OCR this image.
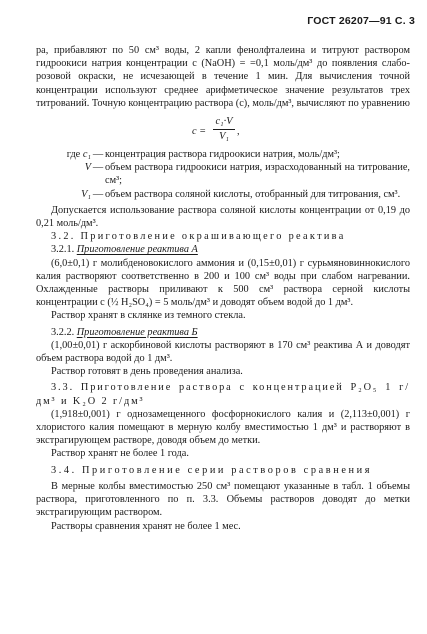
ГОСТ 26207—91 С. 3

ра, прибавляют по 50 см³ воды, 2 капли фенолфталеина и титруют раствором гидроокиси натрия концентрации c (NaOH) = =0,1 моль/дм³ до появления слабо-розовой окраски, не исчезающей в течение 1 мин. Для вычисления точной концентрации используют среднее арифметическое значение результатов трех титрований. Точную концентрацию раствора (c), моль/дм³, вычисляют по уравнению

$c = \frac{\text{c₁·V}}{\text{V₁}}$ ,
где c₁ — концентрация раствора гидроокиси натрия, моль/дм³;
V — объем раствора гидроокиси натрия, израсходованный на титрование, см³;
V₁ — объем раствора соляной кислоты, отобранный для титрования, см³.

Допускается использование раствора соляной кислоты концентрации от 0,19 до 0,21 моль/дм³.

3.2. Приготовление окрашивающего реактива

3.2.1. Приготовление реактива А

(6,0±0,1) г молибденовокислого аммония и (0,15±0,01) г сурьмяновиннокислого калия растворяют соответственно в 200 и 100 см³ воды при слабом нагревании. Охлажденные растворы приливают к 500 см³ раствора серной кислоты концентрации c (½ H₂SO₄) = 5 моль/дм³ и доводят объем водой до 1 дм³.

Раствор хранят в склянке из темного стекла.

3.2.2. Приготовление реактива Б

(1,00±0,01) г аскорбиновой кислоты растворяют в 170 см³ реактива А и доводят объем раствора водой до 1 дм³.

Раствор готовят в день проведения анализа.

3.3. Приготовление раствора с концентрацией P₂O₅ 1 г/дм³ и K₂O 2 г/дм³

(1,918±0,001) г однозамещенного фосфорнокислого калия и (2,113±0,001) г хлористого калия помещают в мерную колбу вместимостью 1 дм³ и растворяют в экстрагирующем растворе, доводя объем до метки.

Раствор хранят не более 1 года.

3.4. Приготовление серии растворов сравнения

В мерные колбы вместимостью 250 см³ помещают указанные в табл. 1 объемы раствора, приготовленного по п. 3.3. Объемы растворов доводят до метки экстрагирующим раствором.

Растворы сравнения хранят не более 1 мес.
